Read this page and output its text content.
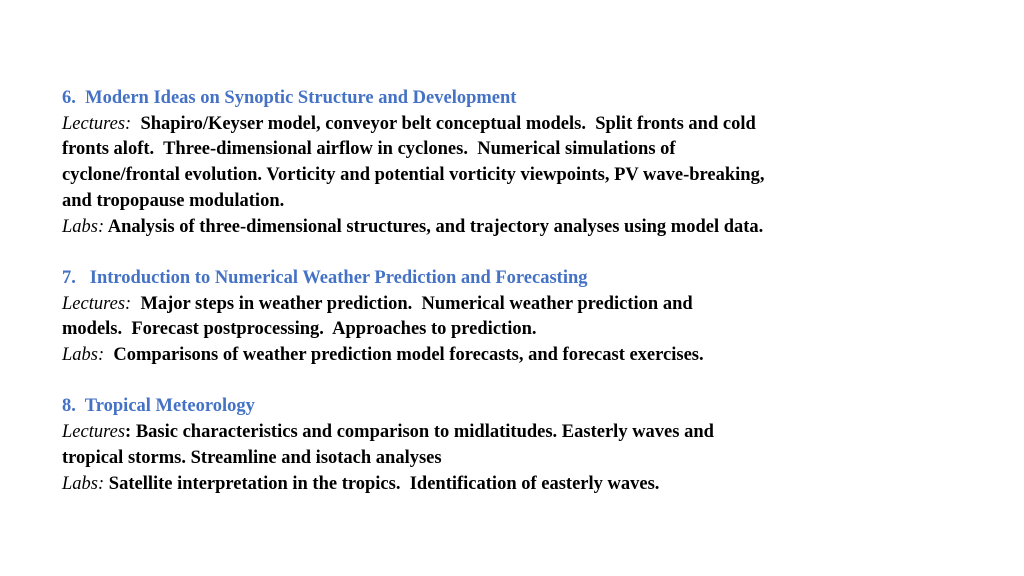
6.  Modern Ideas on Synoptic Structure and Development
Lectures:  Shapiro/Keyser model, conveyor belt conceptual models.  Split fronts and cold
fronts aloft.  Three-dimensional airflow in cyclones.  Numerical simulations of
cyclone/frontal evolution. Vorticity and potential vorticity viewpoints, PV wave-breaking,
and tropopause modulation.
Labs: Analysis of three-dimensional structures, and trajectory analyses using model data.
7.   Introduction to Numerical Weather Prediction and Forecasting
Lectures:  Major steps in weather prediction.  Numerical weather prediction and
models.  Forecast postprocessing.  Approaches to prediction.
Labs:  Comparisons of weather prediction model forecasts, and forecast exercises.
8.  Tropical Meteorology
Lectures: Basic characteristics and comparison to midlatitudes. Easterly waves and
tropical storms. Streamline and isotach analyses
Labs: Satellite interpretation in the tropics.  Identification of easterly waves.
